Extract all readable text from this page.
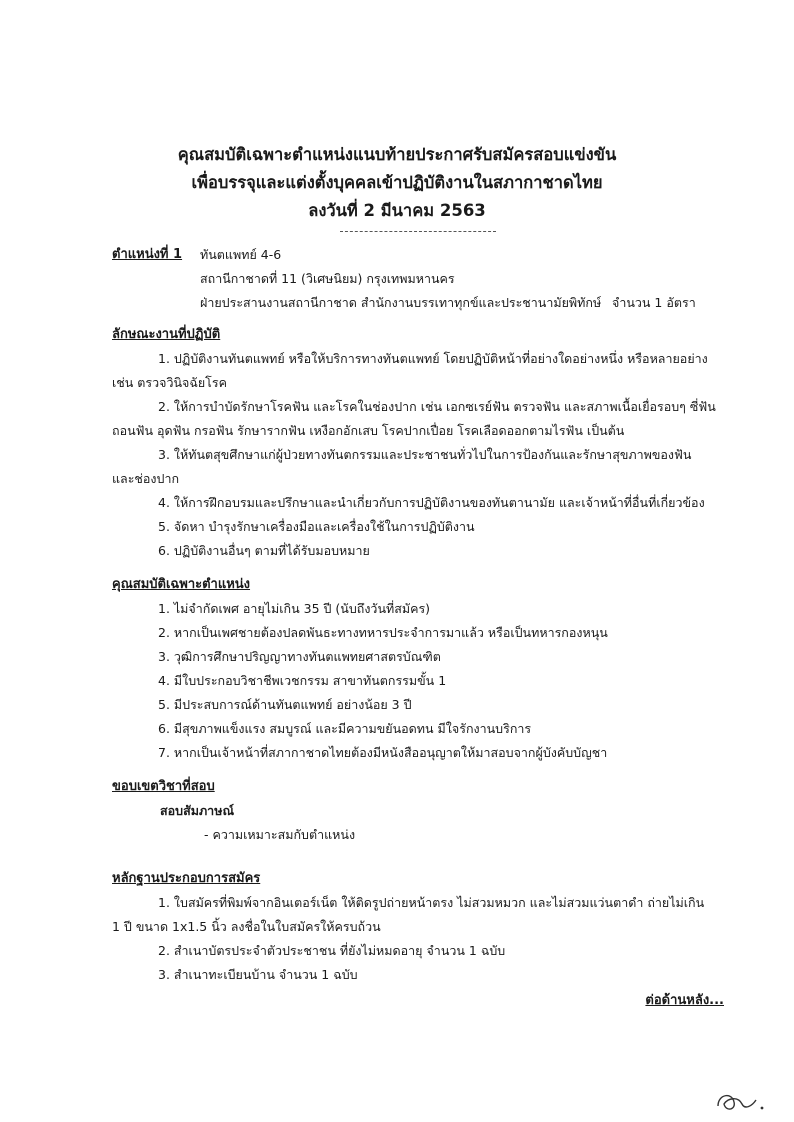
คุณสมบัติเฉพาะตำแหน่งแนบท้ายประกาศรับสมัครสอบแข่งขัน
เพื่อบรรจุและแต่งตั้งบุคคลเข้าปฏิบัติงานในสภากาชาดไทย
ลงวันที่ 2 มีนาคม 2563
ตำแหน่งที่ 1 ทันตแพทย์ 4-6
สถานีกาชาดที่ 11 (วิเศษนิยม) กรุงเทพมหานคร
ฝ่ายประสานงานสถานีกาชาด สำนักงานบรรเทาทุกข์และประชานามัยพิทักษ์ จำนวน 1 อัตรา
ลักษณะงานที่ปฏิบัติ
1. ปฏิบัติงานทันตแพทย์ หรือให้บริการทางทันตแพทย์ โดยปฏิบัติหน้าที่อย่างใดอย่างหนึ่ง หรือหลายอย่าง
เช่น ตรวจวินิจฉัยโรค
2. ให้การบำบัดรักษาโรคฟัน และโรคในช่องปาก เช่น เอกซเรย์ฟัน ตรวจฟัน และสภาพเนื้อเยื่อรอบๆ ซี่ฟัน
ถอนฟัน อุดฟัน กรอฟัน รักษารากฟัน เหงือกอักเสบ โรคปากเปื่อย โรคเลือดออกตามไรฟัน เป็นต้น
3. ให้ทันตสุขศึกษาแก่ผู้ป่วยทางทันตกรรมและประชาชนทั่วไปในการป้องกันและรักษาสุขภาพของฟัน
และช่องปาก
4. ให้การฝึกอบรมและปรึกษาและนำเกี่ยวกับการปฏิบัติงานของทันตานามัย และเจ้าหน้าที่อื่นที่เกี่ยวข้อง
5. จัดหา บำรุงรักษาเครื่องมือและเครื่องใช้ในการปฏิบัติงาน
6. ปฏิบัติงานอื่นๆ ตามที่ได้รับมอบหมาย
คุณสมบัติเฉพาะตำแหน่ง
1. ไม่จำกัดเพศ อายุไม่เกิน 35 ปี (นับถึงวันที่สมัคร)
2. หากเป็นเพศชายต้องปลดพันธะทางทหารประจำการมาแล้ว หรือเป็นทหารกองหนุน
3. วุฒิการศึกษาปริญญาทางทันตแพทยศาสตรบัณฑิต
4. มีใบประกอบวิชาชีพเวชกรรม สาขาทันตกรรมขั้น 1
5. มีประสบการณ์ด้านทันตแพทย์ อย่างน้อย 3 ปี
6. มีสุขภาพแข็งแรง สมบูรณ์ และมีความขยันอดทน มีใจรักงานบริการ
7. หากเป็นเจ้าหน้าที่สภากาชาดไทยต้องมีหนังสืออนุญาตให้มาสอบจากผู้บังคับบัญชา
ขอบเขตวิชาที่สอบ
สอบสัมภาษณ์
- ความเหมาะสมกับตำแหน่ง
หลักฐานประกอบการสมัคร
1. ใบสมัครที่พิมพ์จากอินเตอร์เน็ต ให้ติดรูปถ่ายหน้าตรง ไม่สวมหมวก และไม่สวมแว่นตาดำ ถ่ายไม่เกิน
1 ปี ขนาด 1x1.5 นิ้ว ลงชื่อในใบสมัครให้ครบถ้วน
2. สำเนาบัตรประจำตัวประชาชน ที่ยังไม่หมดอายุ จำนวน 1 ฉบับ
3. สำเนาทะเบียนบ้าน จำนวน 1 ฉบับ
ต่อด้านหลัง...
